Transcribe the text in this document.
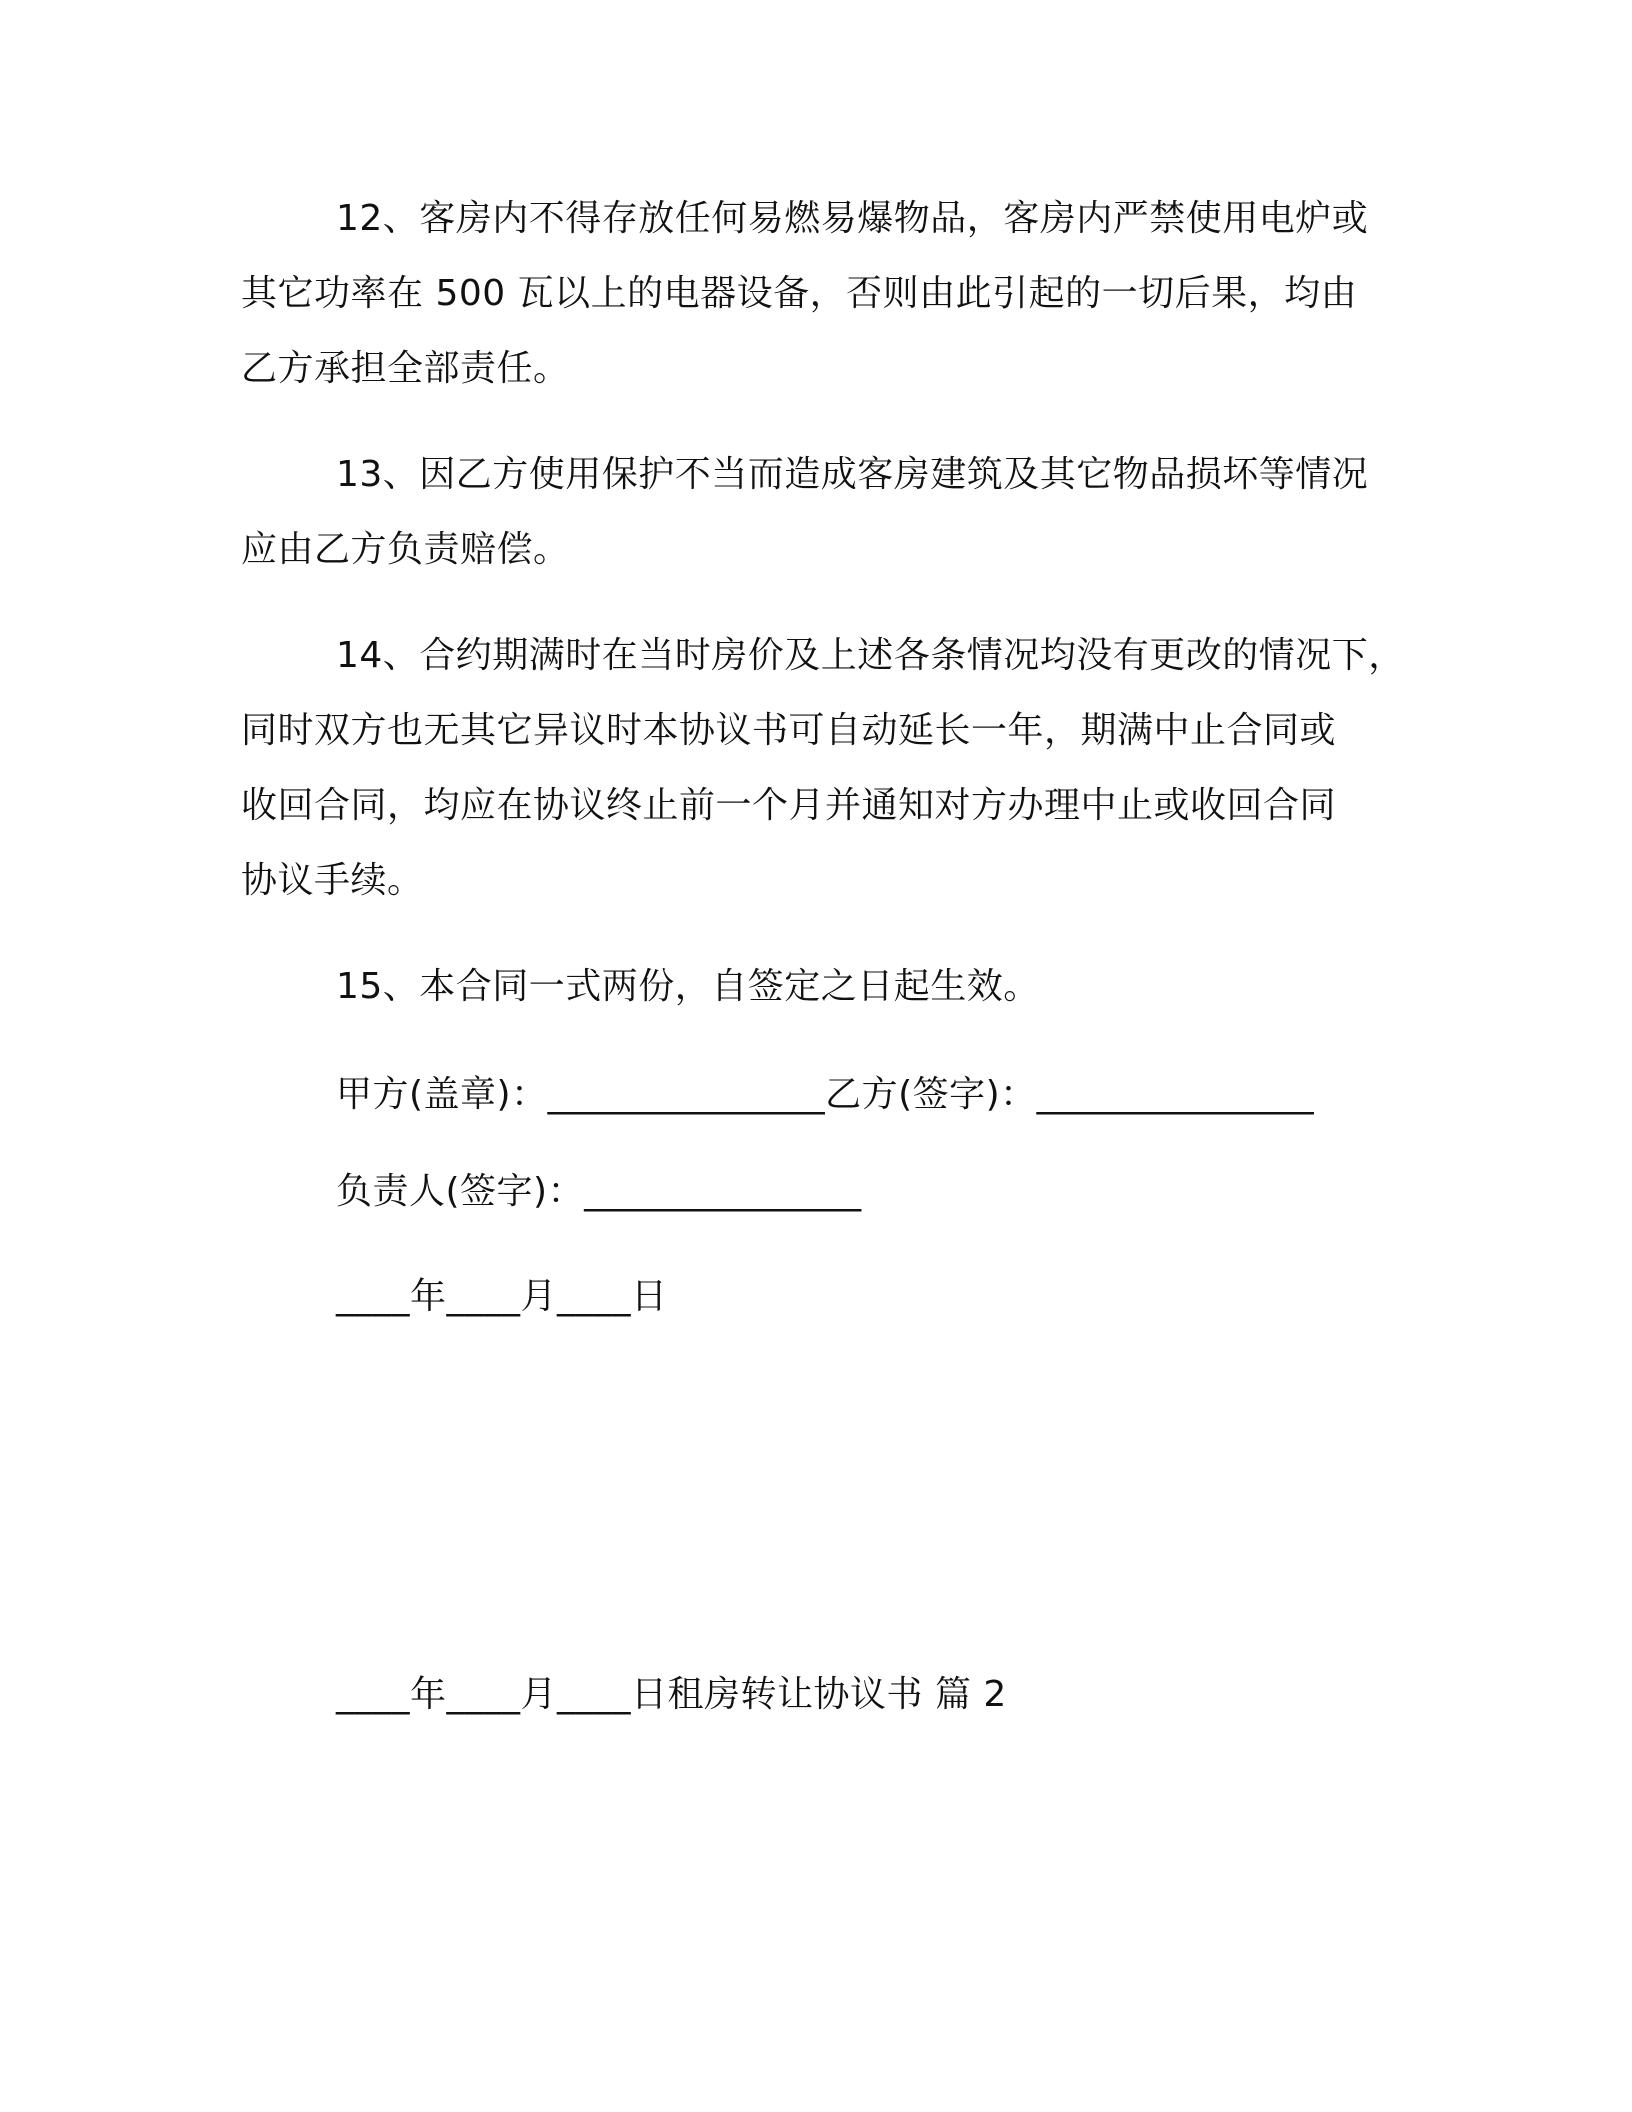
12、客房内不得存放任何易燃易爆物品，客房内严禁使用电炉或
其它功率在 500 瓦以上的电器设备，否则由此引起的一切后果，均由
乙方承担全部责任。
13、因乙方使用保护不当而造成客房建筑及其它物品损坏等情况
应由乙方负责赔偿。
14、合约期满时在当时房价及上述各条情况均没有更改的情况下，
同时双方也无其它异议时本协议书可自动延长一年，期满中止合同或
收回合同，均应在协议终止前一个月并通知对方办理中止或收回合同
协议手续。
15、本合同一式两份，自签定之日起生效。
甲方(盖章)：_______________乙方(签字)：_______________
负责人(签字)：_______________
____年____月____日
____年____月____日租房转让协议书 篇 2
